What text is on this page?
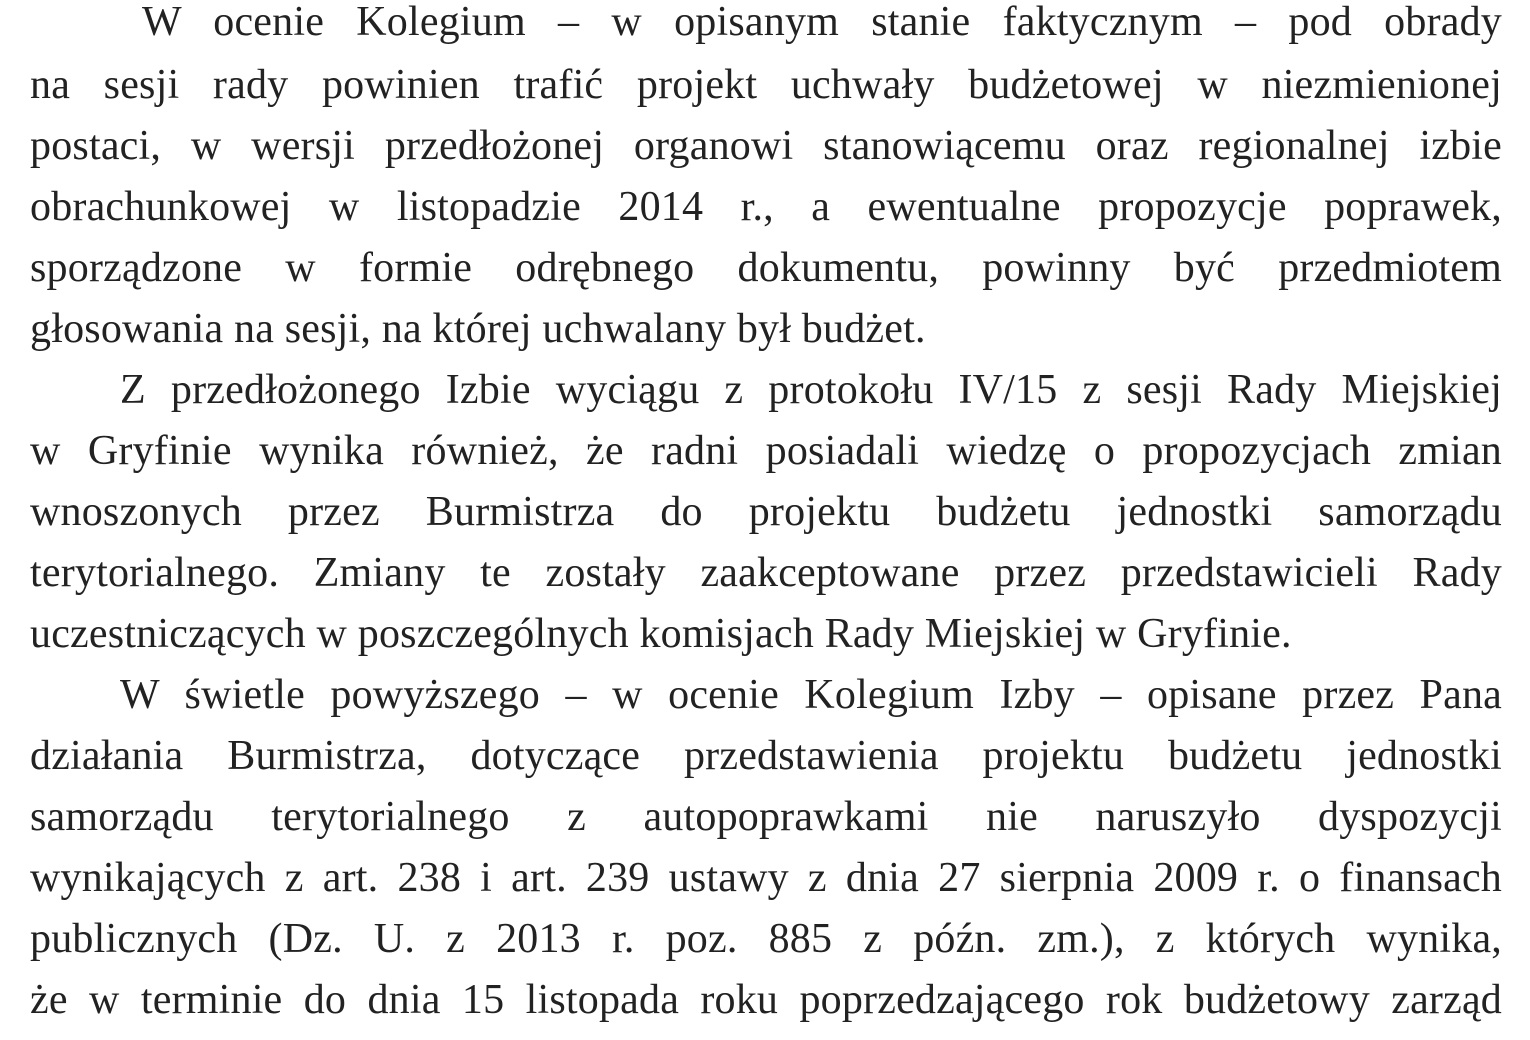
W ocenie Kolegium – w opisanym stanie faktycznym – pod obrady
na sesji rady powinien trafić projekt uchwały budżetowej w niezmienionej
postaci, w wersji przedłożonej organowi stanowiącemu oraz regionalnej izbie
obrachunkowej w listopadzie 2014 r., a ewentualne propozycje poprawek,
sporządzone w formie odrębnego dokumentu, powinny być przedmiotem
głosowania na sesji, na której uchwalany był budżet.
Z przedłożonego Izbie wyciągu z protokołu IV/15 z sesji Rady Miejskiej
w Gryfinie wynika również, że radni posiadali wiedzę o propozycjach zmian
wnoszonych przez Burmistrza do projektu budżetu jednostki samorządu
terytorialnego. Zmiany te zostały zaakceptowane przez przedstawicieli Rady
uczestniczących w poszczególnych komisjach Rady Miejskiej w Gryfinie.
W świetle powyższego – w ocenie Kolegium Izby – opisane przez Pana
działania Burmistrza, dotyczące przedstawienia projektu budżetu jednostki
samorządu terytorialnego z autopoprawkami nie naruszyło dyspozycji
wynikających z art. 238 i art. 239 ustawy z dnia 27 sierpnia 2009 r. o finansach
publicznych (Dz. U. z 2013 r. poz. 885 z późn. zm.), z których wynika,
że w terminie do dnia 15 listopada roku poprzedzającego rok budżetowy zarząd
